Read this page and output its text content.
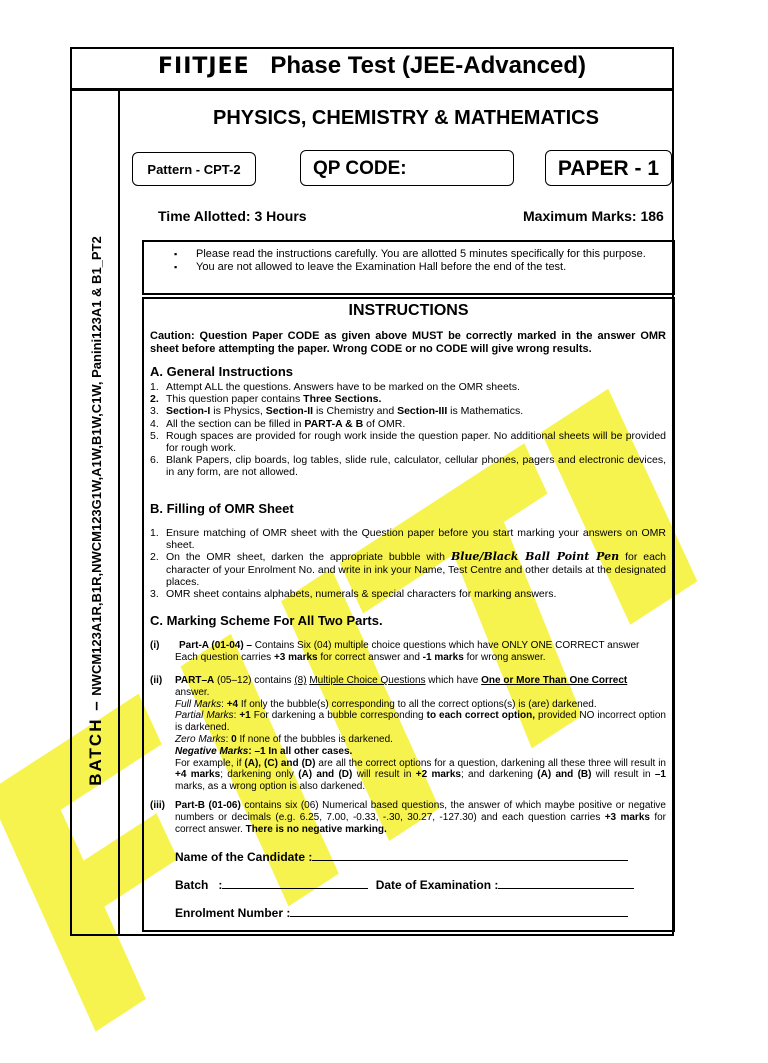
FIITJEE Phase Test (JEE-Advanced)
BATCH – NWCM123A1R,B1R,NWCM123G1W,A1W,B1W,C1W, Panini123A1 & B1_PT2
PHYSICS, CHEMISTRY & MATHEMATICS
Pattern - CPT-2	QP CODE:	PAPER - 1
Time Allotted: 3 Hours	Maximum Marks: 186
▪ Please read the instructions carefully. You are allotted 5 minutes specifically for this purpose.
▪ You are not allowed to leave the Examination Hall before the end of the test.
INSTRUCTIONS
Caution: Question Paper CODE as given above MUST be correctly marked in the answer OMR sheet before attempting the paper. Wrong CODE or no CODE will give wrong results.
A. General Instructions
1. Attempt ALL the questions. Answers have to be marked on the OMR sheets.
2. This question paper contains Three Sections.
3. Section-I is Physics, Section-II is Chemistry and Section-III is Mathematics.
4. All the section can be filled in PART-A & B of OMR.
5. Rough spaces are provided for rough work inside the question paper. No additional sheets will be provided for rough work.
6. Blank Papers, clip boards, log tables, slide rule, calculator, cellular phones, pagers and electronic devices, in any form, are not allowed.
B. Filling of OMR Sheet
1. Ensure matching of OMR sheet with the Question paper before you start marking your answers on OMR sheet.
2. On the OMR sheet, darken the appropriate bubble with Blue/Black Ball Point Pen for each character of your Enrolment No. and write in ink your Name, Test Centre and other details at the designated places.
3. OMR sheet contains alphabets, numerals & special characters for marking answers.
C. Marking Scheme For All Two Parts.
(i) Part-A (01-04) – Contains Six (04) multiple choice questions which have ONLY ONE CORRECT answer
Each question carries +3 marks for correct answer and -1 marks for wrong answer.
(ii) PART–A (05–12) contains (8) Multiple Choice Questions which have One or More Than One Correct
answer.
Full Marks: +4 If only the bubble(s) corresponding to all the correct options(s) is (are) darkened.
Partial Marks: +1 For darkening a bubble corresponding to each correct option, provided NO incorrect option is darkened.
Zero Marks: 0 If none of the bubbles is darkened.
Negative Marks: –1 In all other cases.
For example, if (A), (C) and (D) are all the correct options for a question, darkening all these three will result in +4 marks; darkening only (A) and (D) will result in +2 marks; and darkening (A) and (B) will result in –1 marks, as a wrong option is also darkened.
(iii) Part-B (01-06) contains six (06) Numerical based questions, the answer of which maybe positive or negative numbers or decimals (e.g. 6.25, 7.00, -0.33, -.30, 30.27, -127.30) and each question carries +3 marks for correct answer. There is no negative marking.
Name of the Candidate :
Batch   :	Date of Examination :
Enrolment Number :
